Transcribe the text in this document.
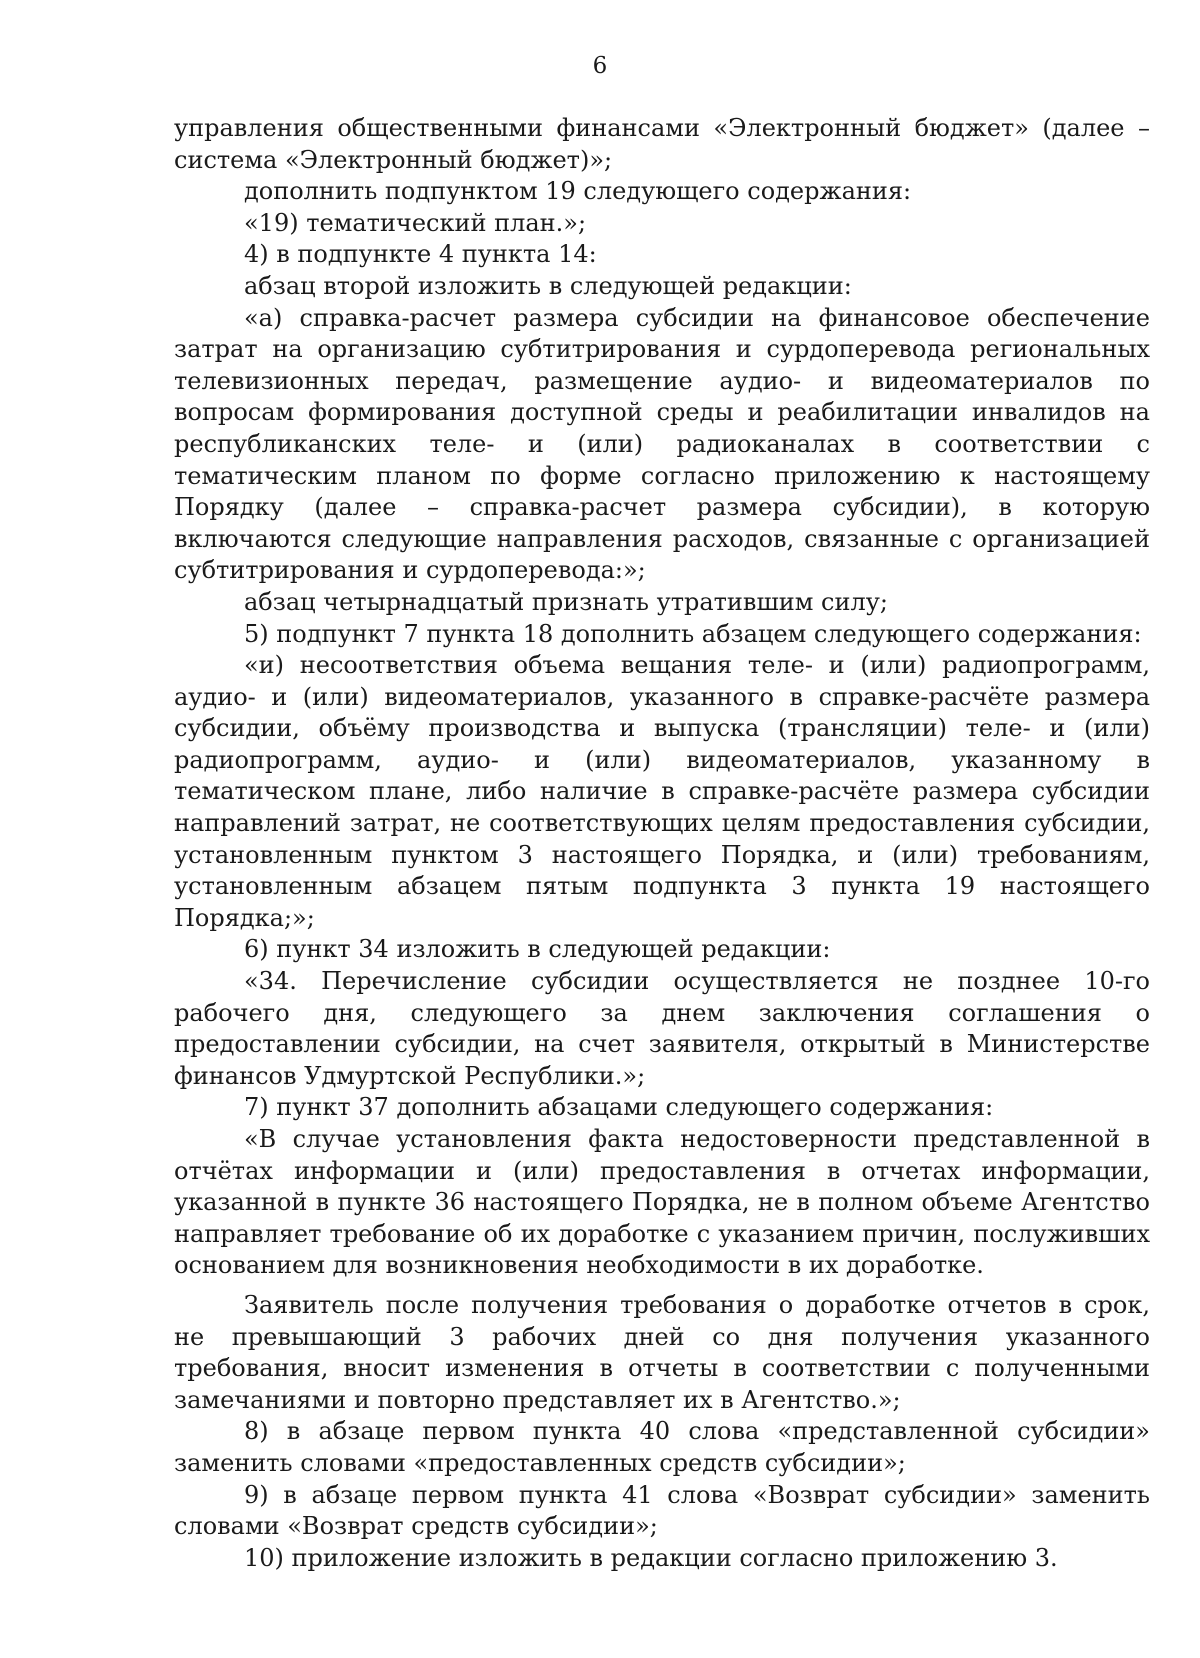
6

управления общественными финансами «Электронный бюджет» (далее – система «Электронный бюджет)»;

дополнить подпунктом 19 следующего содержания:

«19) тематический план.»;

4) в подпункте 4 пункта 14:

абзац второй изложить в следующей редакции:

«а) справка-расчет размера субсидии на финансовое обеспечение затрат на организацию субтитрирования и сурдоперевода региональных телевизионных передач, размещение аудио- и видеоматериалов по вопросам формирования доступной среды и реабилитации инвалидов на республиканских теле- и (или) радиоканалах в соответствии с тематическим планом по форме согласно приложению к настоящему Порядку (далее – справка-расчет размера субсидии), в которую включаются следующие направления расходов, связанные с организацией субтитрирования и сурдоперевода:»;

абзац четырнадцатый признать утратившим силу;

5) подпункт 7 пункта 18 дополнить абзацем следующего содержания:

«и) несоответствия объема вещания теле- и (или) радиопрограмм, аудио- и (или) видеоматериалов, указанного в справке-расчёте размера субсидии, объёму производства и выпуска (трансляции) теле- и (или) радиопрограмм, аудио- и (или) видеоматериалов, указанному в тематическом плане, либо наличие в справке-расчёте размера субсидии направлений затрат, не соответствующих целям предоставления субсидии, установленным пунктом 3 настоящего Порядка, и (или) требованиям, установленным абзацем пятым подпункта 3 пункта 19 настоящего Порядка;»;

6) пункт 34 изложить в следующей редакции:

«34. Перечисление субсидии осуществляется не позднее 10-го рабочего дня, следующего за днем заключения соглашения о предоставлении субсидии, на счет заявителя, открытый в Министерстве финансов Удмуртской Республики.»;

7) пункт 37 дополнить абзацами следующего содержания:

«В случае установления факта недостоверности представленной в отчётах информации и (или) предоставления в отчетах информации, указанной в пункте 36 настоящего Порядка, не в полном объеме Агентство направляет требование об их доработке с указанием причин, послуживших основанием для возникновения необходимости в их доработке.

Заявитель после получения требования о доработке отчетов в срок, не превышающий 3 рабочих дней со дня получения указанного требования, вносит изменения в отчеты в соответствии с полученными замечаниями и повторно представляет их в Агентство.»;

8) в абзаце первом пункта 40 слова «представленной субсидии» заменить словами «предоставленных средств субсидии»;

9) в абзаце первом пункта 41 слова «Возврат субсидии» заменить словами «Возврат средств субсидии»;

10) приложение изложить в редакции согласно приложению 3.
